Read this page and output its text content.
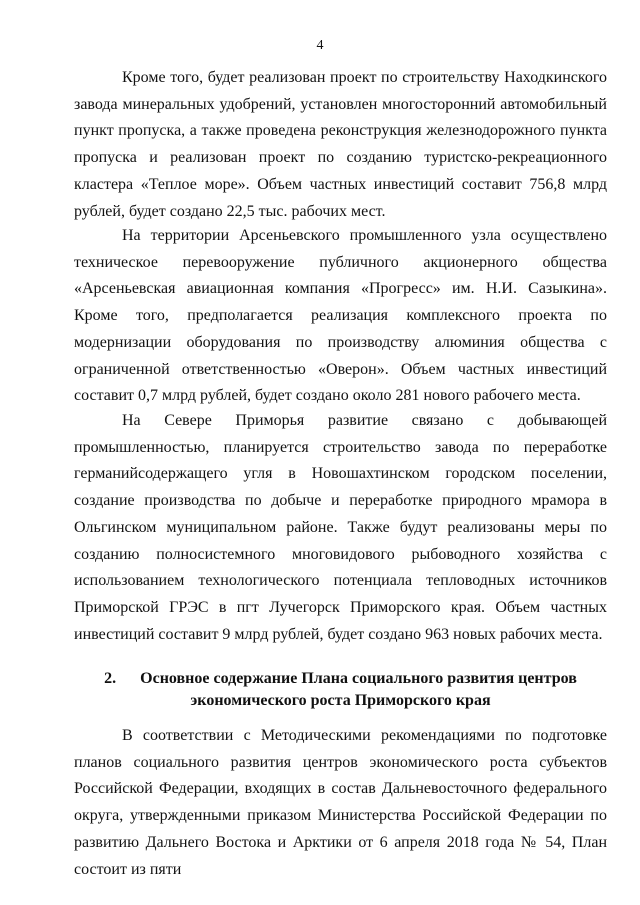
4

Кроме того, будет реализован проект по строительству Находкинского завода минеральных удобрений, установлен многосторонний автомобильный пункт пропуска, а также проведена реконструкция железнодорожного пункта пропуска и реализован проект по созданию туристско-рекреационного кластера «Теплое море». Объем частных инвестиций составит 756,8 млрд рублей, будет создано 22,5 тыс. рабочих мест.

На территории Арсеньевского промышленного узла осуществлено техническое перевооружение публичного акционерного общества «Арсеньевская авиационная компания «Прогресс» им. Н.И. Сазыкина». Кроме того, предполагается реализация комплексного проекта по модернизации оборудования по производству алюминия общества с ограниченной ответственностью «Оверон». Объем частных инвестиций составит 0,7 млрд рублей, будет создано около 281 нового рабочего места.

На Севере Приморья развитие связано с добывающей промышленностью, планируется строительство завода по переработке германийсодержащего угля в Новошахтинском городском поселении, создание производства по добыче и переработке природного мрамора в Ольгинском муниципальном районе. Также будут реализованы меры по созданию полносистемного многовидового рыбоводного хозяйства с использованием технологического потенциала тепловодных источников Приморской ГРЭС в пгт Лучегорск Приморского края. Объем частных инвестиций составит 9 млрд рублей, будет создано 963 новых рабочих места.

2. Основное содержание Плана социального развития центров экономического роста Приморского края

В соответствии с Методическими рекомендациями по подготовке планов социального развития центров экономического роста субъектов Российской Федерации, входящих в состав Дальневосточного федерального округа, утвержденными приказом Министерства Российской Федерации по развитию Дальнего Востока и Арктики от 6 апреля 2018 года № 54, План состоит из пяти
